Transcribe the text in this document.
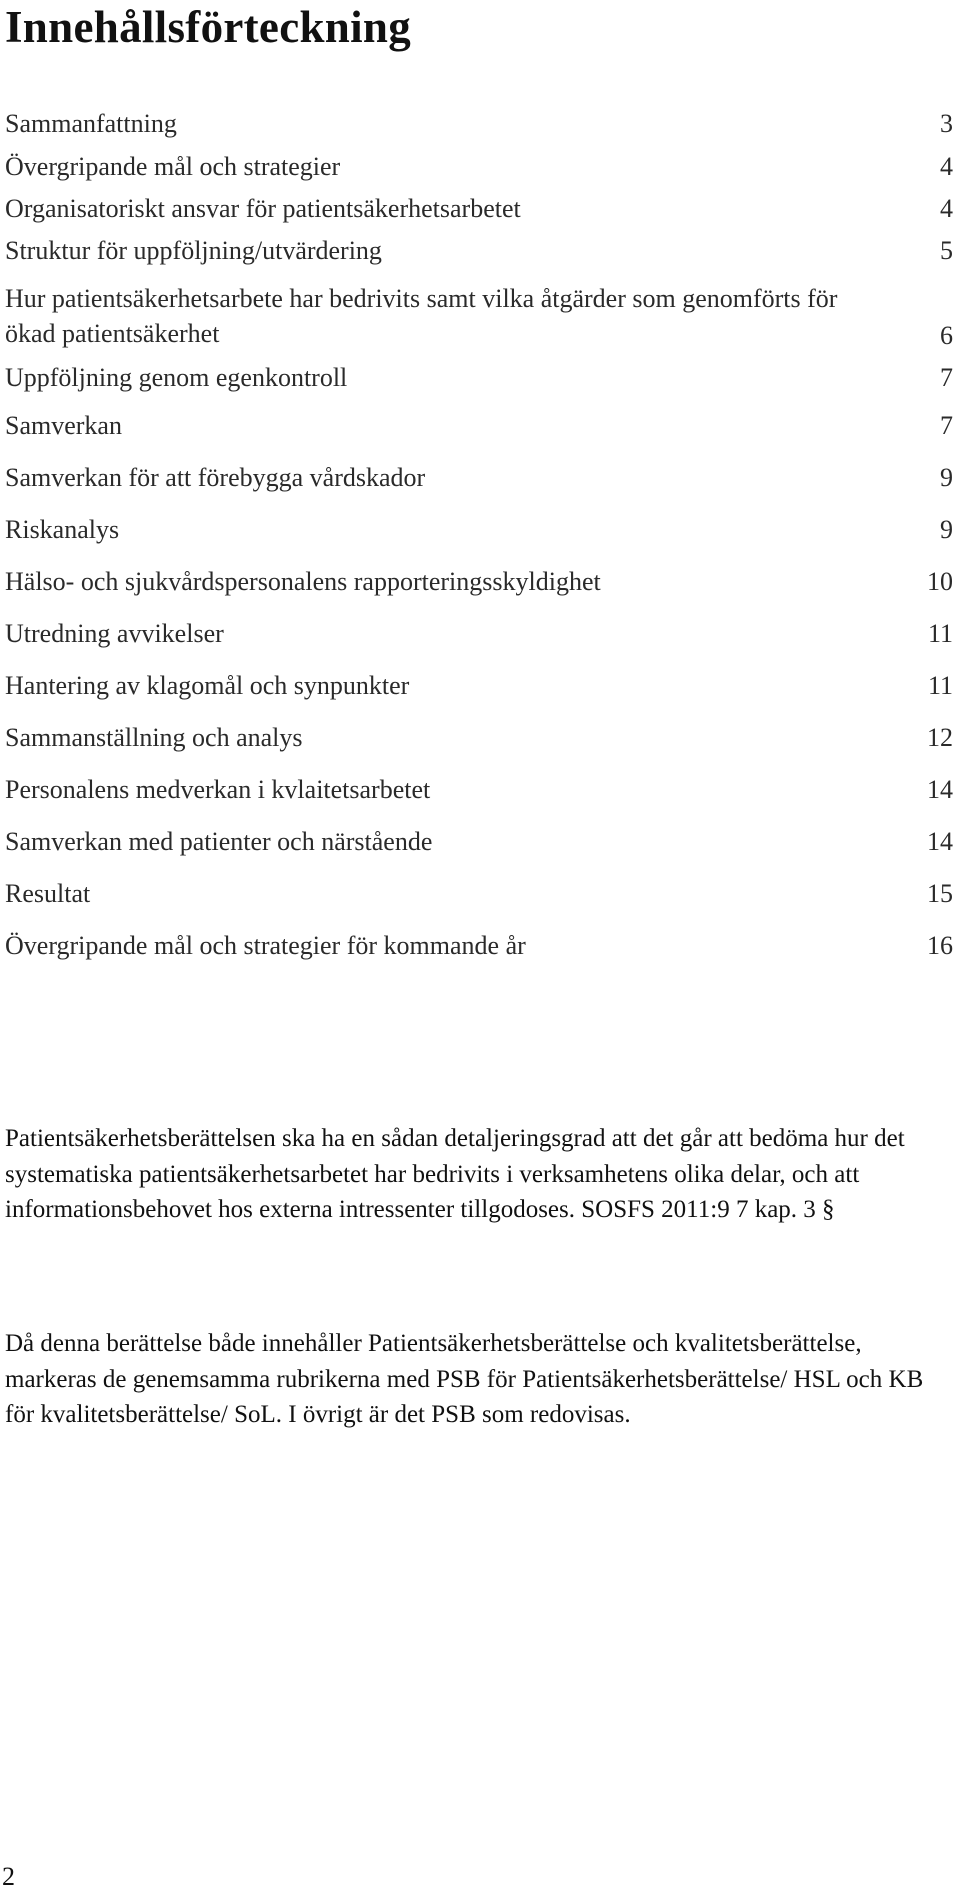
Innehållsförteckning
Sammanfattning	3
Övergripande mål och strategier	4
Organisatoriskt ansvar för patientsäkerhetsarbetet	4
Struktur för uppföljning/utvärdering	5
Hur patientsäkerhetsarbete har bedrivits samt vilka åtgärder som genomförts för ökad patientsäkerhet	6
Uppföljning genom egenkontroll	7
Samverkan	7
Samverkan för att förebygga vårdskador	9
Riskanalys	9
Hälso- och sjukvårdspersonalens rapporteringsskyldighet	10
Utredning avvikelser	11
Hantering av klagomål och synpunkter	11
Sammanställning och analys	12
Personalens medverkan i kvlaitetsarbetet	14
Samverkan med patienter och närstående	14
Resultat	15
Övergripande mål och strategier för kommande år	16

Patientsäkerhetsberättelsen ska ha en sådan detaljeringsgrad att det går att bedöma hur det systematiska patientsäkerhetsarbetet har bedrivits i verksamhetens olika delar, och att informationsbehovet hos externa intressenter tillgodoses. SOSFS 2011:9 7 kap. 3 §

Då denna berättelse både innehåller Patientsäkerhetsberättelse och kvalitetsberättelse, markeras de genemsamma rubrikerna med PSB för Patientsäkerhetsberättelse/ HSL och KB för kvalitetsberättelse/ SoL. I övrigt är det PSB som redovisas.

2
